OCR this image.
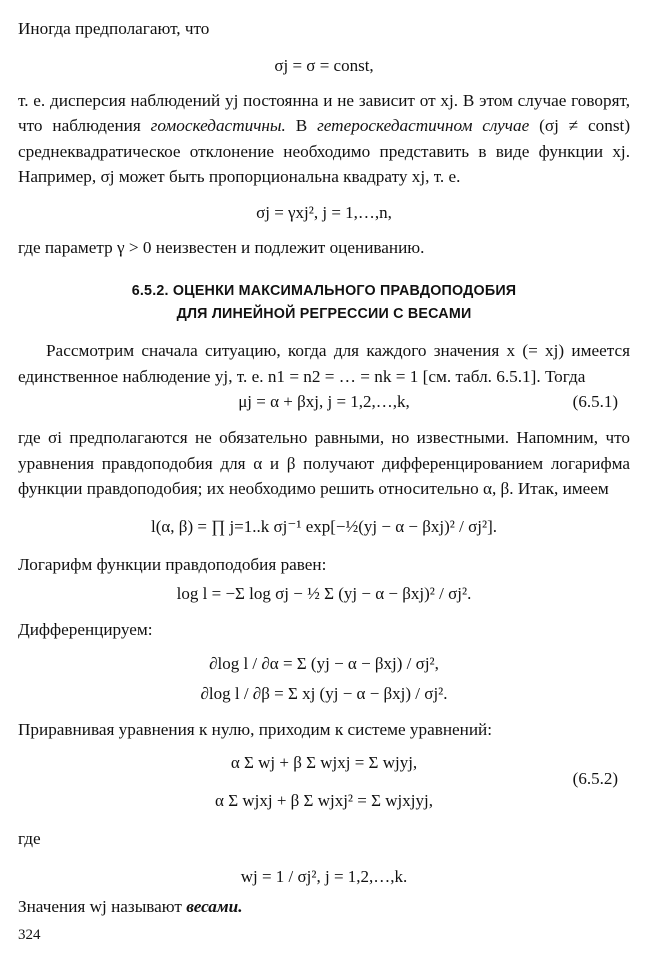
Иногда предполагают, что

σj = σ = const,

т. е. дисперсия наблюдений yj постоянна и не зависит от xj. В этом случае говорят, что наблюдения гомоскедастичны. В гетероскедастичном случае (σj ≠ const) среднеквадратическое отклонение необходимо представить в виде функции xj. Например, σj может быть пропорциональна квадрату xj, т. е.

σj = γxj², j = 1,…,n,

где параметр γ > 0 неизвестен и подлежит оцениванию.

6.5.2. ОЦЕНКИ МАКСИМАЛЬНОГО ПРАВДОПОДОБИЯ

ДЛЯ ЛИНЕЙНОЙ РЕГРЕССИИ С ВЕСАМИ

Рассмотрим сначала ситуацию, когда для каждого значения x (= xj) имеется единственное наблюдение yj, т. е. n1 = n2 = … = nk = 1 [см. табл. 6.5.1]. Тогда

μj = α + βxj, j = 1,2,…,k,	(6.5.1)

где σi предполагаются не обязательно равными, но известными. Напомним, что уравнения правдоподобия для α и β получают дифференцированием логарифма функции правдоподобия; их необходимо решить относительно α, β. Итак, имеем

l(α, β) = ∏ j=1..k σj⁻¹ exp[−½(yj − α − βxj)² / σj²].

Логарифм функции правдоподобия равен:

log l = −Σ log σj − ½ Σ (yj − α − βxj)² / σj².

Дифференцируем:

∂log l / ∂α = Σ (yj − α − βxj) / σj²,

∂log l / ∂β = Σ xj (yj − α − βxj) / σj².

Приравнивая уравнения к нулю, приходим к системе уравнений:

α Σ wj + β Σ wjxj = Σ wjyj,

α Σ wjxj + β Σ wjxj² = Σ wjxjyj,

(6.5.2)

где

wj = 1 / σj², j = 1,2,…,k.

Значения wj называют весами.

324
